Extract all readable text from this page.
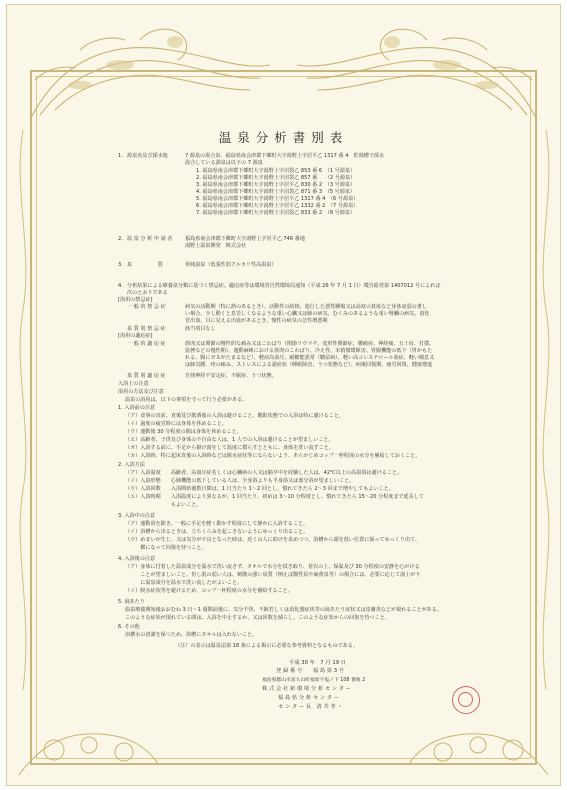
温泉分析書別表
1. 源泉名及び採水地	7 源泉の混合泉、福島県南会津郡下郷町大字湯野上字居平乙 1317 番 4　貯湯槽で採水
混合している源泉は以下の 7 源泉
1. 福島県南会津郡下郷町大字湯野上字沼袋乙 853 番 6　（1 号源泉）
2. 福島県南会津郡下郷町大字湯野上字沼袋乙 857 番　　（2 号源泉）
3. 福島県南会津郡下郷町大字湯野上字居平乙 830 番 2　（3 号源泉）
4. 福島県南会津郡下郷町大字湯野上字沼袋乙 871 番 3　（5 号源泉）
5. 福島県南会津郡下郷町大字湯野上字居平乙 1317 番 4　（6 号源泉）
6. 福島県南会津郡下郷町大字湯野上字居平乙 1332 番 2　（7 号源泉）
7. 福島県南会津郡下郷町大字湯野上字沼袋乙 833 番 2　（8 号源泉）
2. 温 泉 分 析 申 請 者 福島県南会津郡下郷町大字湯野上字居平乙 746 番地
湯野上温泉開発　株式会社
3. 泉　　　　　質	単純温泉（低張性弱アルカリ性高温泉）
4. 分析結果による療養泉分類に基づく禁忌症、適応症等は環境省自然環境局通知（平成 26 年 7 月 1 日）環自総発第 1407012 号によれば
次のとおりである
[浴用の禁忌症]
一 般 的 禁 忌 症	病気の活動期（特に熱のあるとき）、活動性の結核、進行した悪性腫瘍又は高度の貧血など身体衰弱の著し
い場合、少し動くと息苦しくなるような重い心臓又は肺の病気、むくみのあるような重い腎臓の病気、消化
管出血、目に見える出血があるとき、慢性の病気の急性増悪期
泉 質 別 禁 忌 症	該当項目なし
[浴用の適応症]
一 般 的 適 応 症	筋肉又は関節の慢性的な痛み又はこわばり（関節リウマチ、変形性関節症、腰痛症、神経痛、五十肩、打撲、
捻挫などの慢性期）、運動麻痺における筋肉のこわばり、冷え性、末梢循環障害、胃腸機能の低下（胃がもた
れる、腸にガスがたまるなど）、軽症高血圧、耐糖能異常（糖尿病）、軽い高コレステロール血症、軽い喘息又
は肺気腫、痔の痛み、ストレスによる諸症状（睡眠障害、うつ状態など）、病後回復期、疲労回復、健康増進
泉 質 別 適 応 症	自律神経不安定症、不眠症、うつ状態。
入浴上の注意
浴用の方法及び注意
温泉の浴用は、以下の事項を守って行う必要がある。
1. 入浴前の注意
（ア）食事の直前、直後及び飲酒後の入浴は避けること。酩酊状態での入浴は特に避けること。
（イ）過度の疲労時には身体を休めること。
（ウ）運動後 30 分程度の間は身体を休めること。
（エ）高齢者、子供及び身体の不自由な人は、1 人での入浴は避けることが望ましいこと。
（オ）入浴する前に、手足から掛け湯をして温度に慣らすとともに、身体を洗い流すこと。
（カ）入浴時、特に起床直後の入浴時などは脱水症状等にならないよう、あらかじめコップ一杯程度の水分を補給しておくこと。
2. 入浴方法
（ア）入浴温度　　高齢者、高血圧症若しくは心臓病の人又は脳卒中を経験した人は、42℃以上の高温浴は避けること。
（イ）入浴形態　　心肺機能の低下している人は、全身浴よりも半身浴又は部分浴が望ましいこと。
（ウ）入浴回数　　入浴開始後数日間は、1 日当たり 1〜2 回とし、慣れてきたら 2〜3 回まで増やしてもよいこと。
（エ）入浴時間　　入浴温度により異なるが、1 回当たり、初めは 3〜10 分程度とし、慣れてきたら 15〜20 分程度まで延長して
　　　　　　　　　もよいこと。
3. 入浴中の注意
（ア）運動浴を除き、一般に手足を軽く動かす程度にして静かに入浴すること。
（イ）浴槽から出るときは、立ちくらみを起こさないようにゆっくり出ること。
（ウ）めまいが生じ、又は気分が不良となった時は、近くの人に助けを求めつつ、浴槽から頭を低い位置に保ってゆっくり出て、
　　　横になって回復を待つこと。
4. 入浴後の注意
（ア）身体に付着した温泉成分を温水で洗い流さず、タオルで水分を拭き取り、着衣の上、保温及び 30 分程度の安静を心がける
　　　ことが望ましいこと。但し肌の弱い人は、刺激の強い泉質（例えば酸性泉や硫黄泉等）の場合には、必要に応じて湯上がり
　　　に温泉成分を温水で洗い流したがよいこと。
（イ）脱水症状等を避けるため、コップ一杯程度の水分を補給すること。
5. 湯あたり
温泉療養開始後おおむね 3 日〜1 週間前後に、気分不快、不眠若しくは消化器症状等の湯あたり症状又は皮膚炎などが現れることがある。
このような症状が現れている間は、入浴を中止するか、又は回数を減らし、このような症状からの回復を待つこと。
6. その他
浴槽水の清潔を保つため、浴槽にタオルは入れないこと。
（注）の表示は温泉法第 18 条による掲示に必要な参考資料となるものである。
平成 30 年　7 月 19 日
登 録 番 号　　福 島 第 3 号
福島県郡山市富久山町福原字塩ノ下 108 番地 2
株 式 会 社 新 環 境 分 析 セ ン タ ー
福 島 県 分 析 セ ン タ ー
セ ン タ ー 長　清 井 孝 ・
